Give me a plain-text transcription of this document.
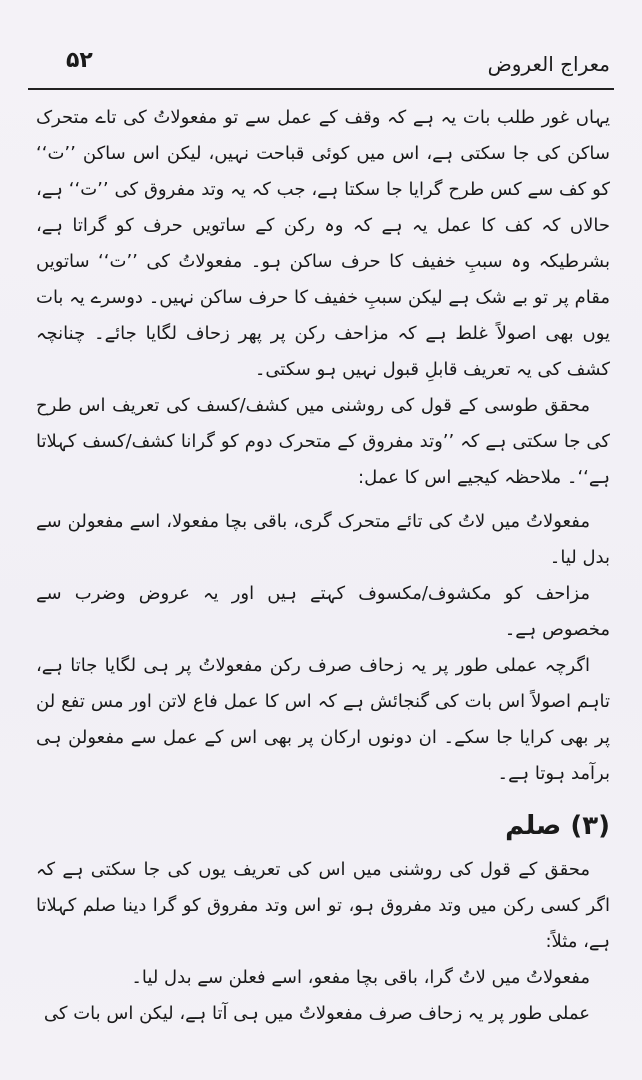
۵۲	معراج العروض

یہاں غور طلب بات یہ ہے کہ وقف کے عمل سے تو مفعولاتُ کی تاے متحرک ساکن کی جا سکتی ہے، اس میں کوئی قباحت نہیں، لیکن اس ساکن ’’ت‘‘ کو کف سے کس طرح گرایا جا سکتا ہے، جب کہ یہ وتد مفروق کی ’’ت‘‘ ہے، حالاں کہ کف کا عمل یہ ہے کہ وہ رکن کے ساتویں حرف کو گراتا ہے، بشرطیکہ وہ سببِ خفیف کا حرف ساکن ہو۔ مفعولاتُ کی ’’ت‘‘ ساتویں مقام پر تو بے شک ہے لیکن سببِ خفیف کا حرف ساکن نہیں۔ دوسرے یہ بات یوں بھی اصولاً غلط ہے کہ مزاحف رکن پر پھر زحاف لگایا جائے۔ چنانچہ کشف کی یہ تعریف قابلِ قبول نہیں ہو سکتی۔

محقق طوسی کے قول کی روشنی میں کشف/کسف کی تعریف اس طرح کی جا سکتی ہے کہ ’’وتد مفروق کے متحرک دوم کو گرانا کشف/کسف کہلاتا ہے‘‘۔ ملاحظہ کیجیے اس کا عمل:

مفعولاتُ میں لاتُ کی تائے متحرک گری، باقی بچا مفعولا، اسے مفعولن سے بدل لیا۔

مزاحف کو مکشوف/مکسوف کہتے ہیں اور یہ عروض وضرب سے مخصوص ہے۔

اگرچہ عملی طور پر یہ زحاف صرف رکن مفعولاتُ پر ہی لگایا جاتا ہے، تاہم اصولاً اس بات کی گنجائش ہے کہ اس کا عمل فاع لاتن اور مس تفع لن پر بھی کرایا جا سکے۔ ان دونوں ارکان پر بھی اس کے عمل سے مفعولن ہی برآمد ہوتا ہے۔

(۳) صلم

محقق کے قول کی روشنی میں اس کی تعریف یوں کی جا سکتی ہے کہ اگر کسی رکن میں وتد مفروق ہو، تو اس وتد مفروق کو گرا دینا صلم کہلاتا ہے، مثلاً:

مفعولاتُ میں لاتُ گرا، باقی بچا مفعو، اسے فعلن سے بدل لیا۔

عملی طور پر یہ زحاف صرف مفعولاتُ میں ہی آتا ہے، لیکن اس بات کی
